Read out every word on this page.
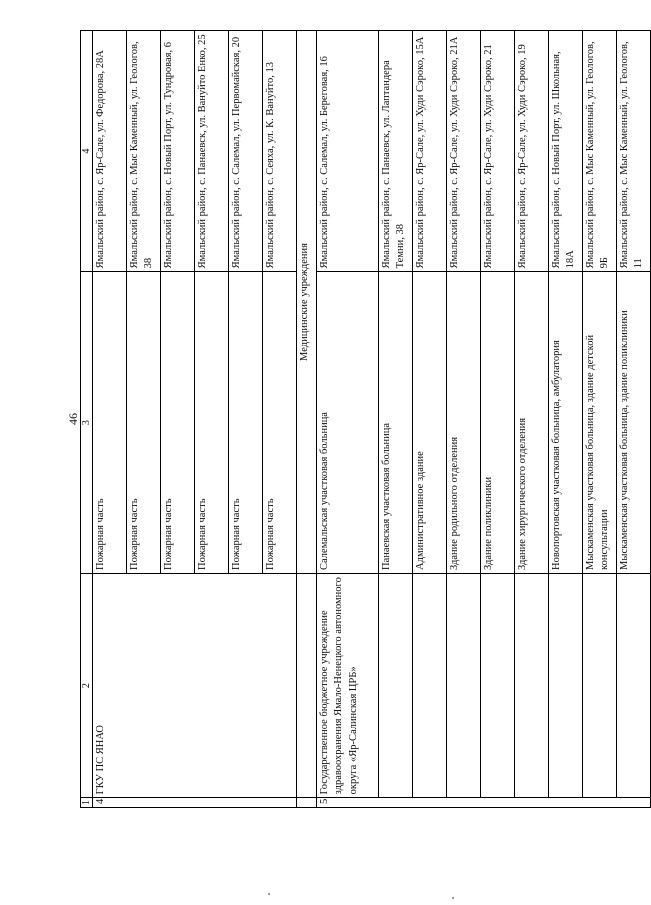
46
1	2	3	4
4.	ГКУ ПС ЯНАО	Пожарная часть	Ямальский район, с. Яр-Сале, ул. Федорова, 28А
		Пожарная часть	Ямальский район, с. Мыс Каменный, ул. Геологов, 38
		Пожарная часть	Ямальский район, с. Новый Порт, ул. Тундровая, 6
		Пожарная часть	Ямальский район, с. Панаевск, ул. Вануйто Енко, 25
		Пожарная часть	Ямальский район, с. Салемал, ул. Первомайская, 20
		Пожарная часть	Ямальский район, с. Сеяха, ул. К. Вануйто, 13
		Медицинские учреждения	
5.	Государственное бюджетное учреждение здравоохранения Ямало-Ненецкого автономного округа «Яр-Салинская ЦРБ»	Салемальская участковая больница	Ямальский район, с. Салемал, ул. Береговая, 16
		Панаевская участковая больница	Ямальский район, с. Панаевск, ул. Лаптандера Темни, 38
		Административное здание	Ямальский район, с. Яр-Сале, ул. Худи Сэроко, 15А
		Здание родильного отделения	Ямальский район, с. Яр-Сале, ул. Худи Сэроко, 21А
		Здание поликлиники	Ямальский район, с. Яр-Сале, ул. Худи Сэроко, 21
		Здание хирургического отделения	Ямальский район, с. Яр-Сале, ул. Худи Сэроко, 19
		Новопортовская участковая больница, амбулатория	Ямальский район, с. Новый Порт, ул. Школьная, 18А
		Мыскаменская участковая больница, здание детской консультации	Ямальский район, с. Мыс Каменный, ул. Геологов, 9Б
		Мыскаменская участковая больница, здание поликлиники	Ямальский район, с. Мыс Каменный, ул. Геологов, 11
